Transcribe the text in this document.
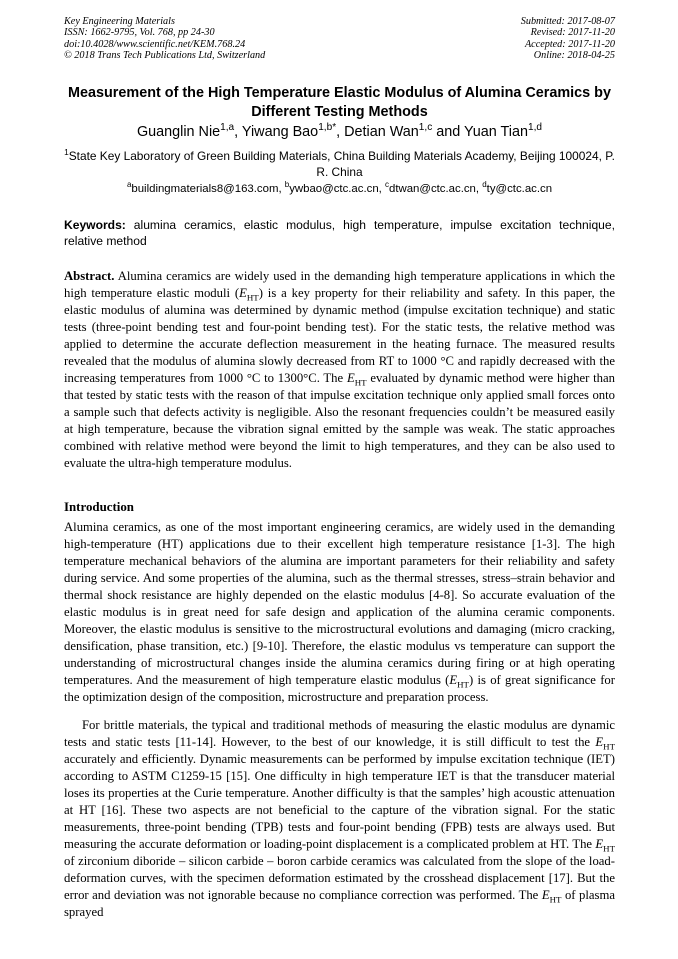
Key Engineering Materials
ISSN: 1662-9795, Vol. 768, pp 24-30
doi:10.4028/www.scientific.net/KEM.768.24
© 2018 Trans Tech Publications Ltd, Switzerland
Submitted: 2017-08-07
Revised: 2017-11-20
Accepted: 2017-11-20
Online: 2018-04-25
Measurement of the High Temperature Elastic Modulus of Alumina Ceramics by Different Testing Methods
Guanglin Nie$^{1,a}$, Yiwang Bao$^{1,b*}$, Detian Wan$^{1,c}$ and Yuan Tian$^{1,d}$
$^1$State Key Laboratory of Green Building Materials, China Building Materials Academy, Beijing 100024, P. R. China
$^a$buildingmaterials8@163.com, $^b$ywbao@ctc.ac.cn, $^c$dtwan@ctc.ac.cn, $^d$ty@ctc.ac.cn
Keywords: alumina ceramics, elastic modulus, high temperature, impulse excitation technique, relative method
Abstract. Alumina ceramics are widely used in the demanding high temperature applications in which the high temperature elastic moduli $(E_{HT})$ is a key property for their reliability and safety. In this paper, the elastic modulus of alumina was determined by dynamic method (impulse excitation technique) and static tests (three-point bending test and four-point bending test). For the static tests, the relative method was applied to determine the accurate deflection measurement in the heating furnace. The measured results revealed that the modulus of alumina slowly decreased from RT to 1000 °C and rapidly decreased with the increasing temperatures from 1000 °C to 1300°C. The $E_{HT}$ evaluated by dynamic method were higher than that tested by static tests with the reason of that impulse excitation technique only applied small forces onto a sample such that defects activity is negligible. Also the resonant frequencies couldn’t be measured easily at high temperature, because the vibration signal emitted by the sample was weak. The static approaches combined with relative method were beyond the limit to high temperatures, and they can be also used to evaluate the ultra-high temperature modulus.
Introduction
Alumina ceramics, as one of the most important engineering ceramics, are widely used in the demanding high-temperature (HT) applications due to their excellent high temperature resistance [1-3]. The high temperature mechanical behaviors of the alumina are important parameters for their reliability and safety during service. And some properties of the alumina, such as the thermal stresses, stress–strain behavior and thermal shock resistance are highly depended on the elastic modulus [4-8]. So accurate evaluation of the elastic modulus is in great need for safe design and application of the alumina ceramic components. Moreover, the elastic modulus is sensitive to the microstructural evolutions and damaging (micro cracking, densification, phase transition, etc.) [9-10]. Therefore, the elastic modulus vs temperature can support the understanding of microstructural changes inside the alumina ceramics during firing or at high operating temperatures. And the measurement of high temperature elastic modulus $(E_{HT})$ is of great significance for the optimization design of the composition, microstructure and preparation process.
For brittle materials, the typical and traditional methods of measuring the elastic modulus are dynamic tests and static tests [11-14]. However, to the best of our knowledge, it is still difficult to test the $E_{HT}$ accurately and efficiently. Dynamic measurements can be performed by impulse excitation technique (IET) according to ASTM C1259-15 [15]. One difficulty in high temperature IET is that the transducer material loses its properties at the Curie temperature. Another difficulty is that the samples’ high acoustic attenuation at HT [16]. These two aspects are not beneficial to the capture of the vibration signal. For the static measurements, three-point bending (TPB) tests and four-point bending (FPB) tests are always used. But measuring the accurate deformation or loading-point displacement is a complicated problem at HT. The $E_{HT}$ of zirconium diboride – silicon carbide – boron carbide ceramics was calculated from the slope of the load-deformation curves, with the specimen deformation estimated by the crosshead displacement [17]. But the error and deviation was not ignorable because no compliance correction was performed. The $E_{HT}$ of plasma sprayed
